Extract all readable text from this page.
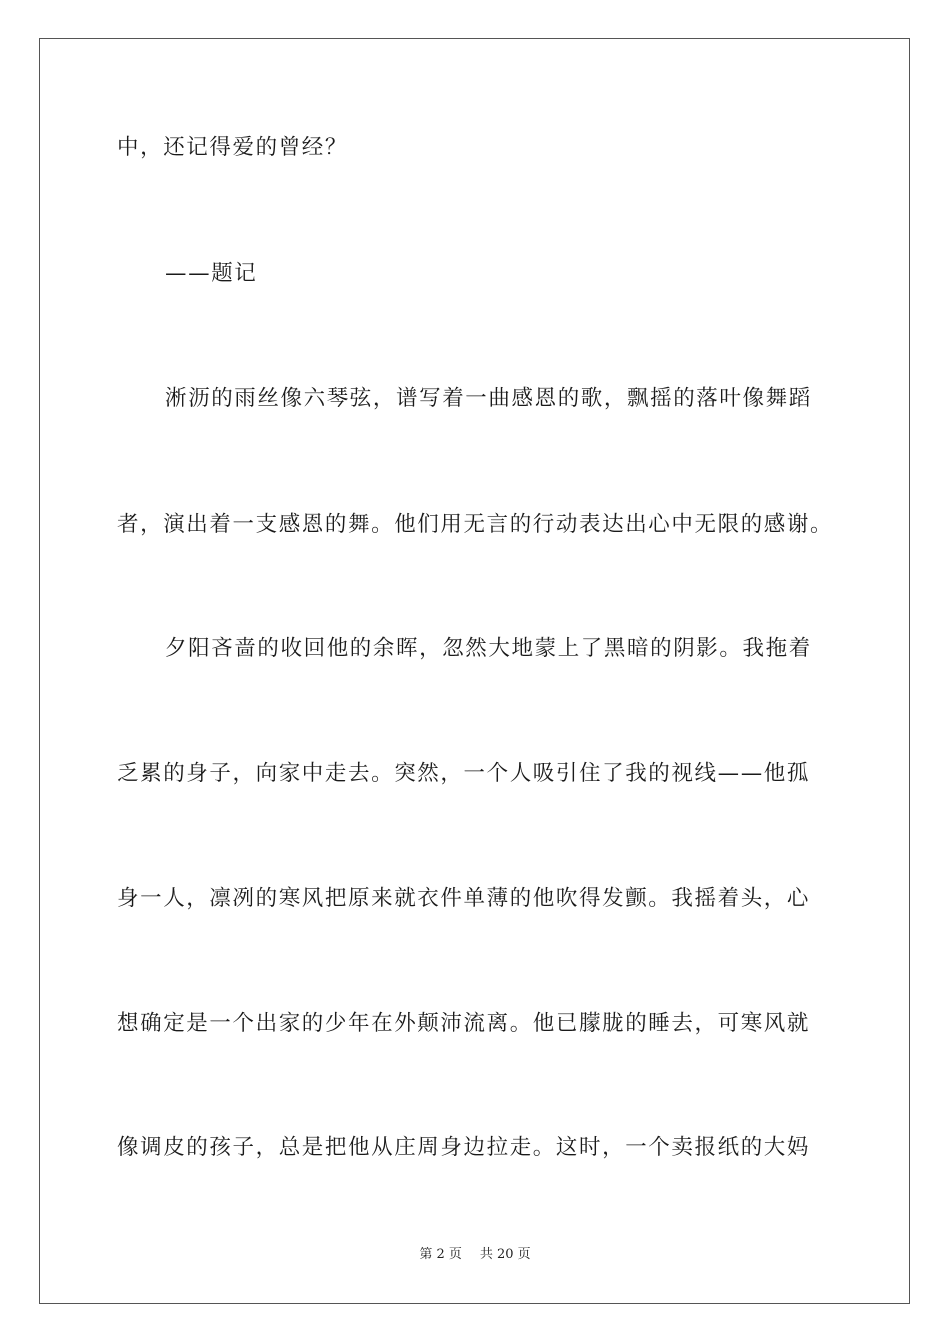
中，还记得爱的曾经？
——题记
淅沥的雨丝像六琴弦，谱写着一曲感恩的歌，飘摇的落叶像舞蹈
者，演出着一支感恩的舞。他们用无言的行动表达出心中无限的感谢。
夕阳吝啬的收回他的余晖，忽然大地蒙上了黑暗的阴影。我拖着
乏累的身子，向家中走去。突然，一个人吸引住了我的视线——他孤
身一人，凛冽的寒风把原来就衣件单薄的他吹得发颤。我摇着头，心
想确定是一个出家的少年在外颠沛流离。他已朦胧的睡去，可寒风就
像调皮的孩子，总是把他从庄周身边拉走。这时，一个卖报纸的大妈
第 2 页 共 20 页
